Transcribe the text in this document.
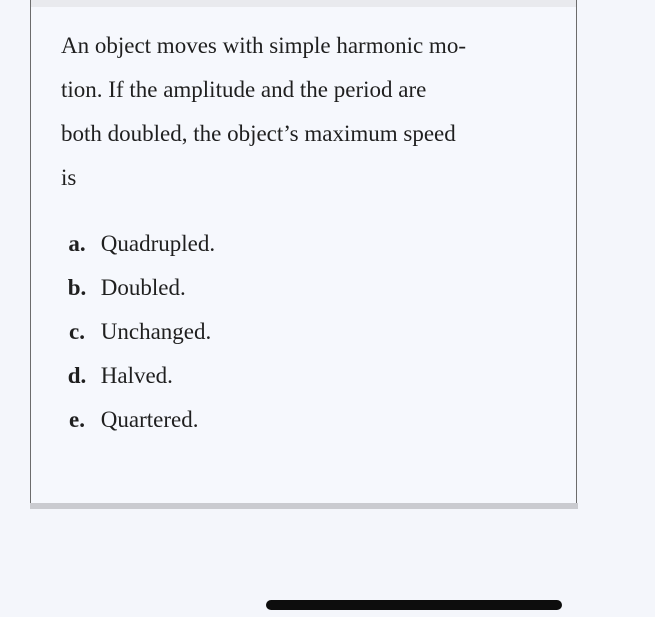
An object moves with simple harmonic mo-
tion. If the amplitude and the period are
both doubled, the object’s maximum speed
is

a. Quadrupled.
b. Doubled.
c. Unchanged.
d. Halved.
e. Quartered.
